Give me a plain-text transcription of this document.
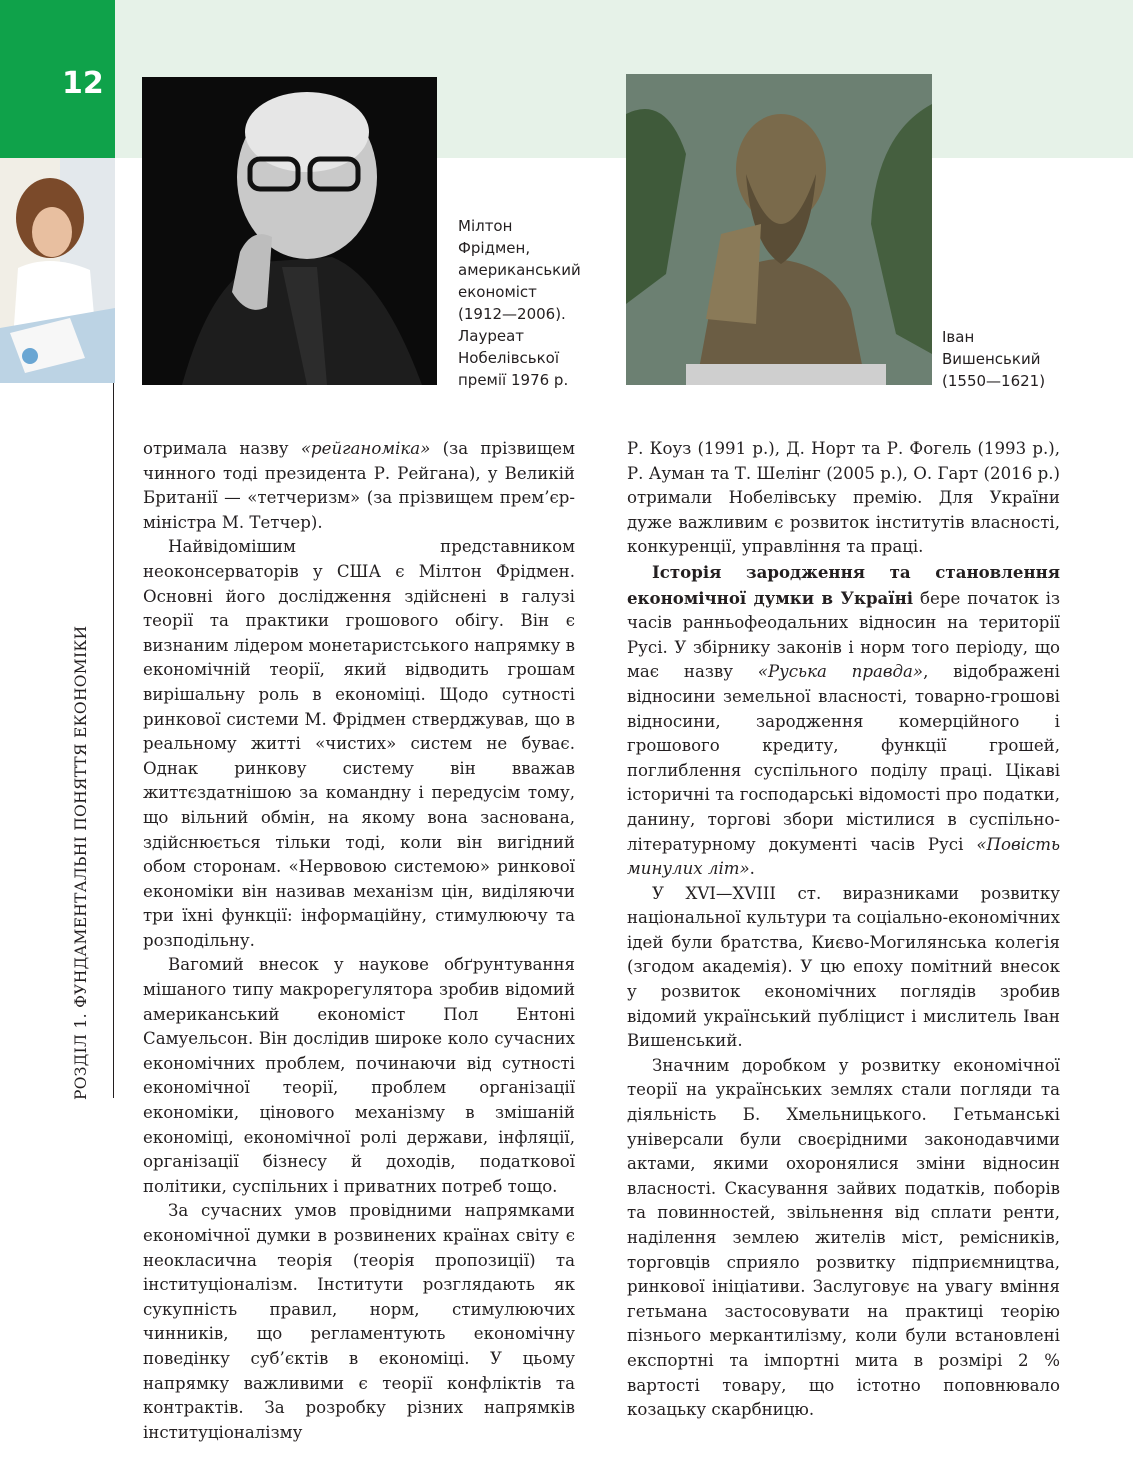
12
РОЗДІЛ 1. ФУНДАМЕНТАЛЬНІ ПОНЯТТЯ ЕКОНОМІКИ
Мілтон
Фрідмен,
американський
економіст
(1912—2006).
Лауреат
Нобелівської
премії 1976 р.
Іван
Вишенський
(1550—1621)

отримала назву «рейганоміка» (за прізвищем чинного тоді президента Р. Рейгана), у Великій Британії — «тетчеризм» (за прізвищем прем’єр-міністра М. Тетчер).

Найвідомішим представником неоконсерваторів у США є Мілтон Фрідмен. Основні його дослідження здійснені в галузі теорії та практики грошового обігу. Він є визнаним лідером монетаристського напрямку в економічній теорії, який відводить грошам вирішальну роль в економіці. Щодо сутності ринкової системи М. Фрідмен стверджував, що в реальному житті «чистих» систем не буває. Однак ринкову систему він вважав життєздатнішою за командну і передусім тому, що вільний обмін, на якому вона заснована, здійснюється тільки тоді, коли він вигідний обом сторонам. «Нервовою системою» ринкової економіки він називав механізм цін, виділяючи три їхні функції: інформаційну, стимулюючу та розподільну.

Вагомий внесок у наукове обґрунтування мішаного типу макрорегулятора зробив відомий американський економіст Пол Ентоні Самуельсон. Він дослідив широке коло сучасних економічних проблем, починаючи від сутності економічної теорії, проблем організації економіки, цінового механізму в змішаній економіці, економічної ролі держави, інфляції, організації бізнесу й доходів, податкової політики, суспільних і приватних потреб тощо.

За сучасних умов провідними напрямками економічної думки в розвинених країнах світу є неокласична теорія (теорія пропозиції) та інституціоналізм. Інститути розглядають як сукупність правил, норм, стимулюючих чинників, що регламентують економічну поведінку суб’єктів в економіці. У цьому напрямку важливими є теорії конфліктів та контрактів. За розробку різних напрямків інституціоналізму

Р. Коуз (1991 р.), Д. Норт та Р. Фогель (1993 р.), Р. Ауман та Т. Шелінг (2005 р.), О. Гарт (2016 р.) отримали Нобелівську премію. Для України дуже важливим є розвиток інститутів власності, конкуренції, управління та праці.

Історія зародження та становлення економічної думки в Україні бере початок із часів ранньофеодальних відносин на території Русі. У збірнику законів і норм того періоду, що має назву «Руська правда», відображені відносини земельної власності, товарно-грошові відносини, зародження комерційного і грошового кредиту, функції грошей, поглиблення суспільного поділу праці. Цікаві історичні та господарські відомості про податки, данину, торгові збори містилися в суспільно-літературному документі часів Русі «Повість минулих літ».

У XVI—XVIII ст. виразниками розвитку національної культури та соціально-економічних ідей були братства, Києво-Могилянська колегія (згодом академія). У цю епоху помітний внесок у розвиток економічних поглядів зробив відомий український публіцист і мислитель Іван Вишенський.

Значним доробком у розвитку економічної теорії на українських землях стали погляди та діяльність Б. Хмельницького. Гетьманські універсали були своєрідними законодавчими актами, якими охоронялися зміни відносин власності. Скасування зайвих податків, поборів та повинностей, звільнення від сплати ренти, наділення землею жителів міст, ремісників, торговців сприяло розвитку підприємництва, ринкової ініціативи. Заслуговує на увагу вміння гетьмана застосовувати на практиці теорію пізнього меркантилізму, коли були встановлені експортні та імпортні мита в розмірі 2 % вартості товару, що істотно поповнювало козацьку скарбницю.
